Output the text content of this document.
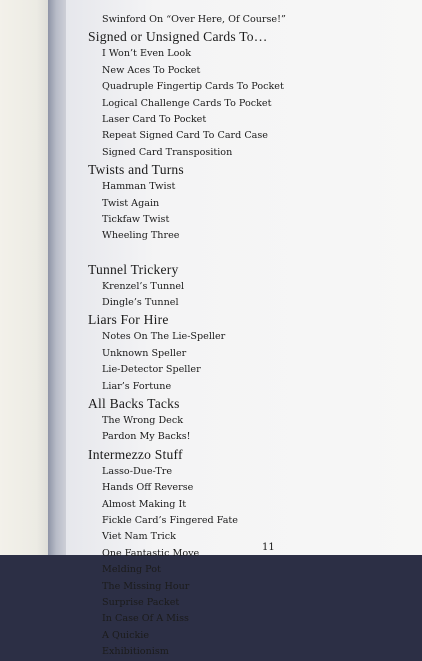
Swinford On “Over Here, Of Course!”
Signed or Unsigned Cards To…
I Won’t Even Look
New Aces To Pocket
Quadruple Fingertip Cards To Pocket
Logical Challenge Cards To Pocket
Laser Card To Pocket
Repeat Signed Card To Card Case
Signed Card Transposition
Twists and Turns
Hamman Twist
Twist Again
Tickfaw Twist
Wheeling Three
Tunnel Trickery
Krenzel’s Tunnel
Dingle’s Tunnel
Liars For Hire
Notes On The Lie-Speller
Unknown Speller
Lie-Detector Speller
Liar’s Fortune
All Backs Tacks
The Wrong Deck
Pardon My Backs!
Intermezzo Stuff
Lasso-Due-Tre
Hands Off Reverse
Almost Making It
Fickle Card’s Fingered Fate
Viet Nam Trick
One Fantastic Move
Melding Pot
The Missing Hour
Surprise Packet
In Case Of A Miss
A Quickie
Exhibitionism
11
